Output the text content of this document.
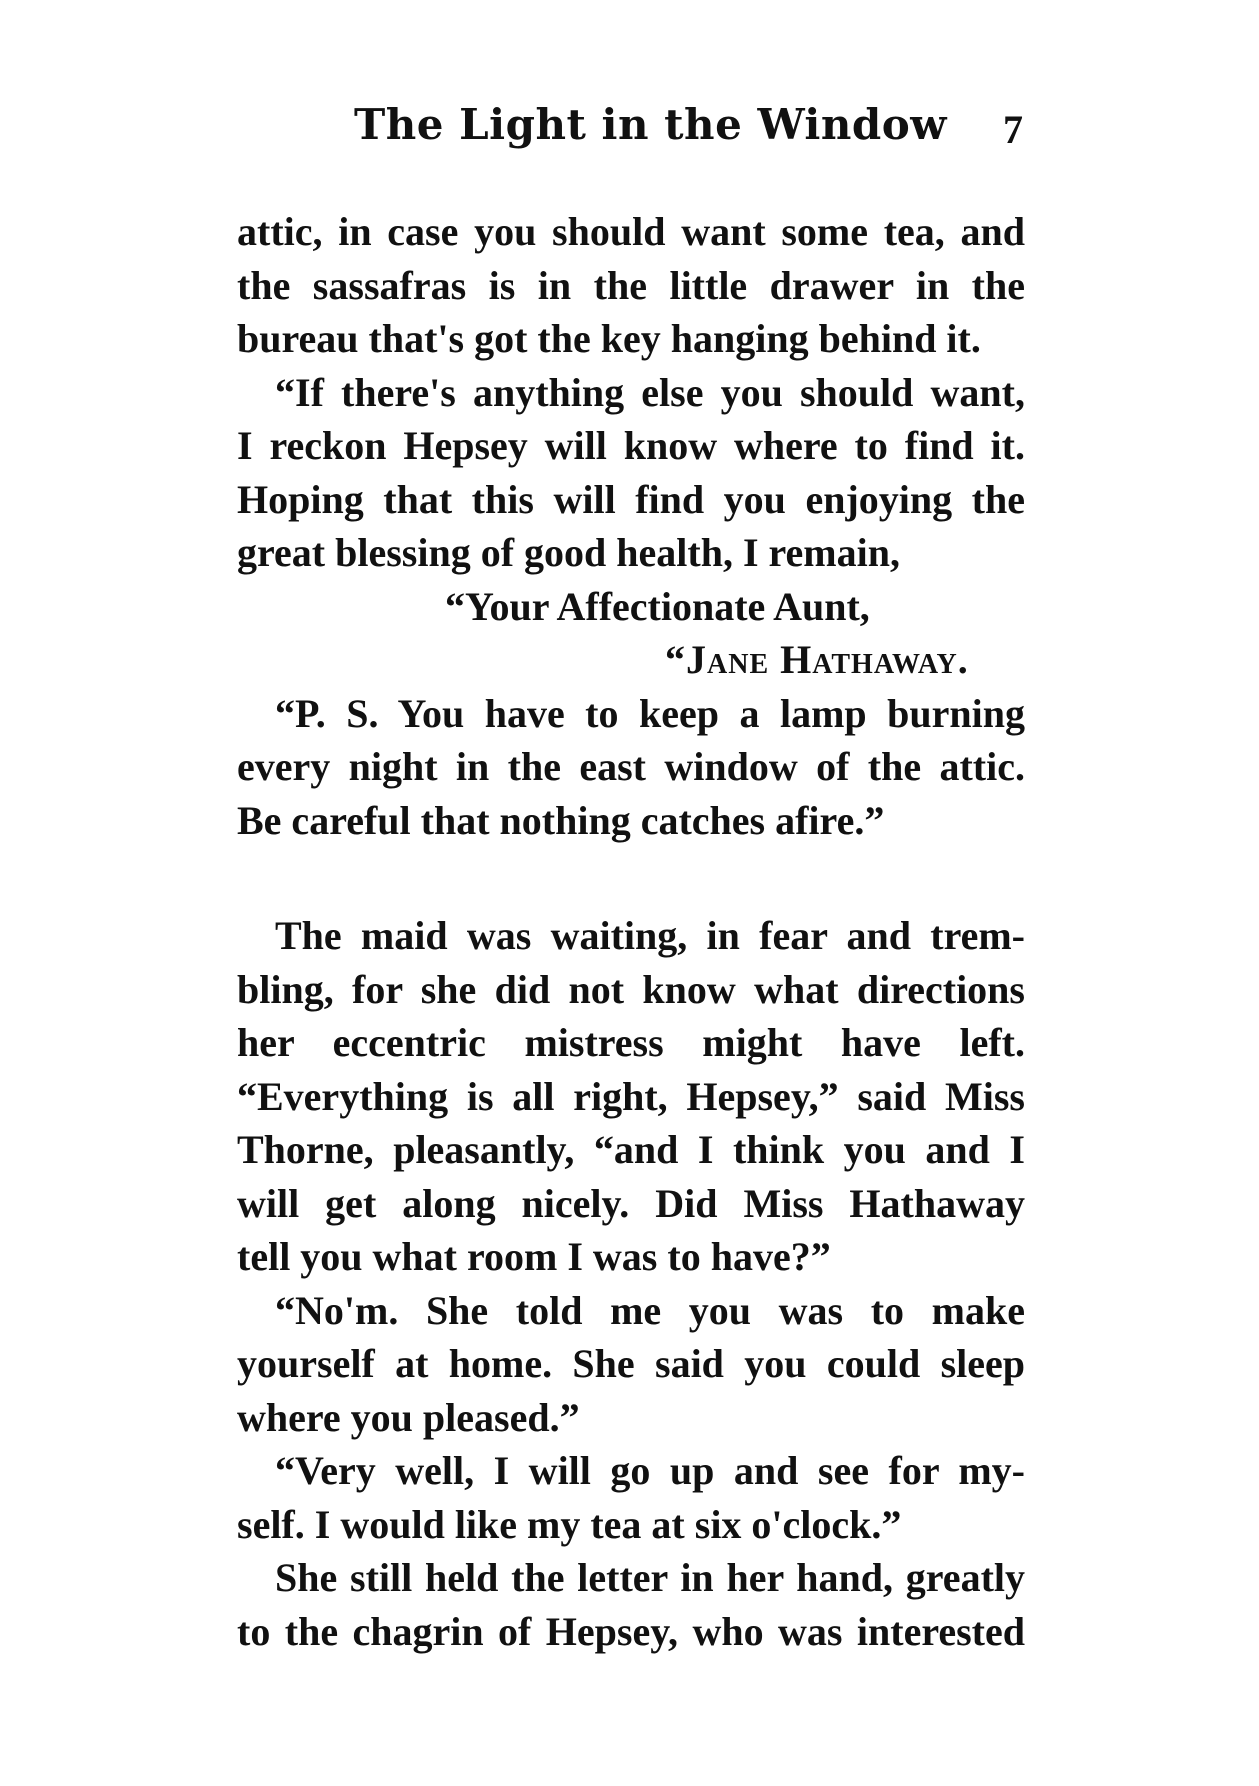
The Light in the Window 7
attic, in case you should want some tea, and
the sassafras is in the little drawer in the
bureau that's got the key hanging behind it.
“If there's anything else you should want,
I reckon Hepsey will know where to find it.
Hoping that this will find you enjoying the
great blessing of good health, I remain,
“Your Affectionate Aunt,
“Jane Hathaway.
“P. S. You have to keep a lamp burning
every night in the east window of the attic.
Be careful that nothing catches afire.”
The maid was waiting, in fear and trem-
bling, for she did not know what directions
her eccentric mistress might have left.
“Everything is all right, Hepsey,” said Miss
Thorne, pleasantly, “and I think you and I
will get along nicely. Did Miss Hathaway
tell you what room I was to have?”
“No'm. She told me you was to make
yourself at home. She said you could sleep
where you pleased.”
“Very well, I will go up and see for my-
self. I would like my tea at six o'clock.”
She still held the letter in her hand, greatly
to the chagrin of Hepsey, who was interested
